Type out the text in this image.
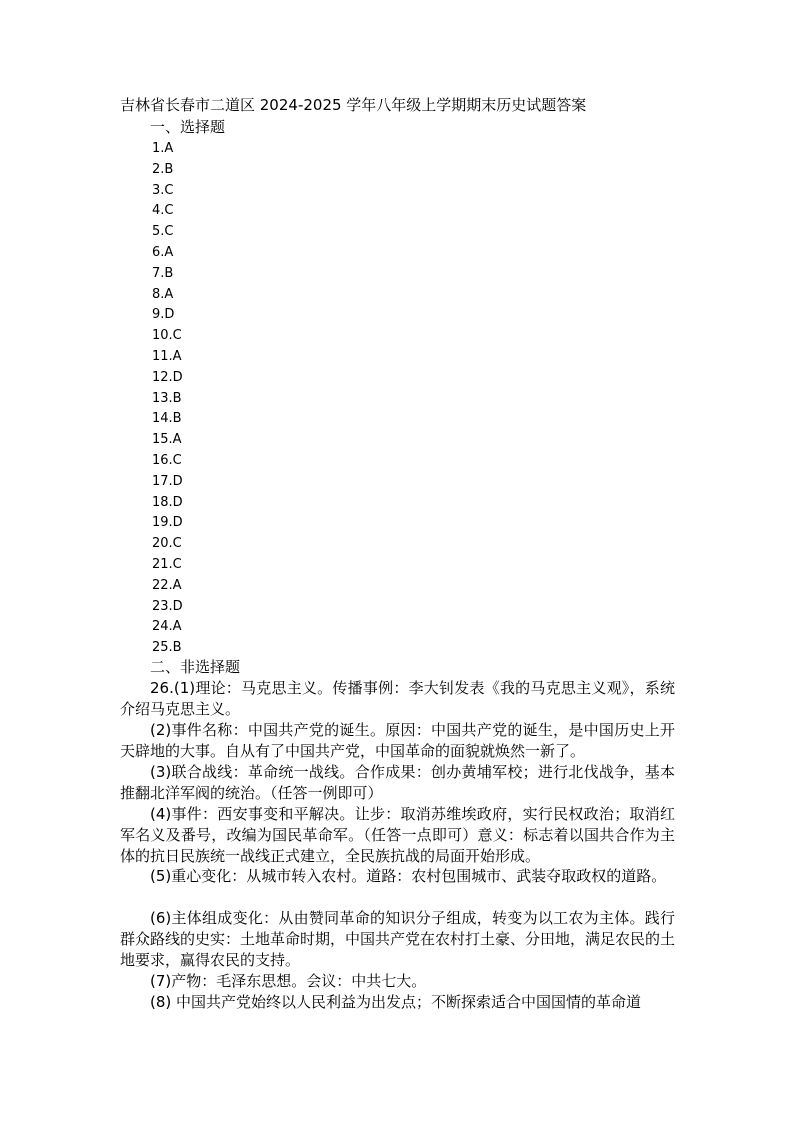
吉林省长春市二道区 2024-2025 学年八年级上学期期末历史试题答案
一、选择题
1.A
2.B
3.C
4.C
5.C
6.A
7.B
8.A
9.D
10.C
11.A
12.D
13.B
14.B
15.A
16.C
17.D
18.D
19.D
20.C
21.C
22.A
23.D
24.A
25.B
二、非选择题

26.(1)理论：马克思主义。传播事例：李大钊发表《我的马克思主义观》，系统介绍马克思主义。

(2)事件名称：中国共产党的诞生。原因：中国共产党的诞生，是中国历史上开天辟地的大事。自从有了中国共产党，中国革命的面貌就焕然一新了。

(3)联合战线：革命统一战线。合作成果：创办黄埔军校；进行北伐战争，基本推翻北洋军阀的统治。（任答一例即可）

(4)事件：西安事变和平解决。让步：取消苏维埃政府，实行民权政治；取消红军名义及番号，改编为国民革命军。（任答一点即可）意义：标志着以国共合作为主体的抗日民族统一战线正式建立，全民族抗战的局面开始形成。

(5)重心变化：从城市转入农村。道路：农村包围城市、武装夺取政权的道路。

(6)主体组成变化：从由赞同革命的知识分子组成，转变为以工农为主体。践行群众路线的史实：土地革命时期，中国共产党在农村打土豪、分田地，满足农民的土地要求，赢得农民的支持。

(7)产物：毛泽东思想。会议：中共七大。

(8) 中国共产党始终以人民利益为出发点；不断探索适合中国国情的革命道
